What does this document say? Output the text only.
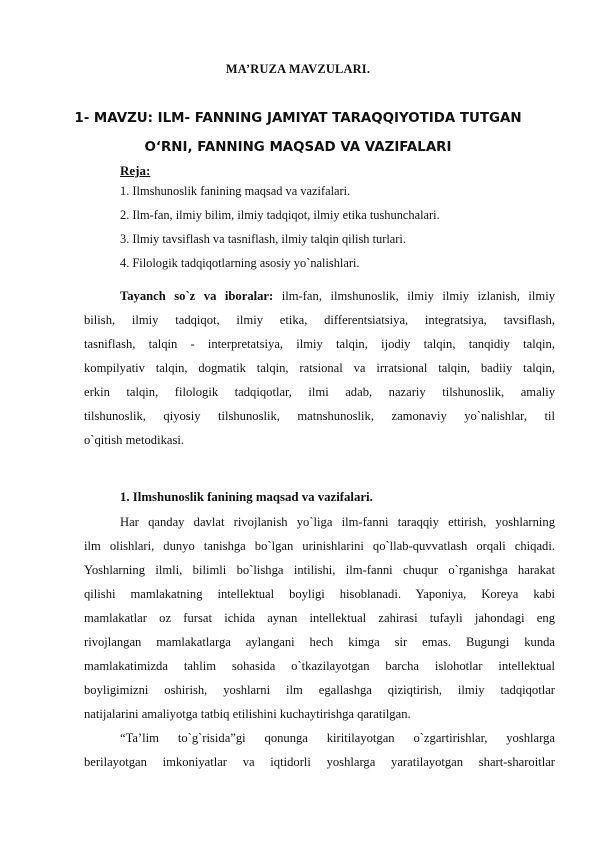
MA’RUZA MAVZULARI.
1- MAVZU: ILM- FANNING JAMIYAT TARAQQIYOTIDA TUTGAN
O‘RNI, FANNING MAQSAD VA VAZIFALARI
Reja:
1. Ilmshunoslik fanining maqsad va vazifalari.
2. Ilm-fan, ilmiy bilim, ilmiy tadqiqot, ilmiy etika tushunchalari.
3. Ilmiy tavsiflash va tasniflash, ilmiy talqin qilish turlari.
4. Filologik tadqiqotlarning asosiy yo`nalishlari.
Tayanch so`z va iboralar: ilm-fan, ilmshunoslik, ilmiy ilmiy izlanish, ilmiy
bilish, ilmiy tadqiqot, ilmiy etika, differentsiatsiya, integratsiya, tavsiflash,
tasniflash, talqin - interpretatsiya, ilmiy talqin, ijodiy talqin, tanqidiy talqin,
kompilyativ talqin, dogmatik talqin, ratsional va irratsional talqin, badiiy talqin,
erkin talqin, filologik tadqiqotlar, ilmi adab, nazariy tilshunoslik, amaliy
tilshunoslik, qiyosiy tilshunoslik, matnshunoslik, zamonaviy yo`nalishlar, til
o`qitish metodikasi.
1. Ilmshunoslik fanining maqsad va vazifalari.
Har qanday davlat rivojlanish yo`liga ilm-fanni taraqqiy ettirish, yoshlarning
ilm olishlari, dunyo tanishga bo`lgan urinishlarini qo`llab-quvvatlash orqali chiqadi.
Yoshlarning ilmli, bilimli bo`lishga intilishi, ilm-fanni chuqur o`rganishga harakat
qilishi mamlakatning intellektual boyligi hisoblanadi. Yaponiya, Koreya kabi
mamlakatlar oz fursat ichida aynan intellektual zahirasi tufayli jahondagi eng
rivojlangan mamlakatlarga aylangani hech kimga sir emas. Bugungi kunda
mamlakatimizda tahlim sohasida o`tkazilayotgan barcha islohotlar intellektual
boyligimizni oshirish, yoshlarni ilm egallashga qiziqtirish, ilmiy tadqiqotlar
natijalarini amaliyotga tatbiq etilishini kuchaytirishga qaratilgan.
“Ta’lim to`g`risida”gi qonunga kiritilayotgan o`zgartirishlar, yoshlarga
berilayotgan imkoniyatlar va iqtidorli yoshlarga yaratilayotgan shart-sharoitlar
